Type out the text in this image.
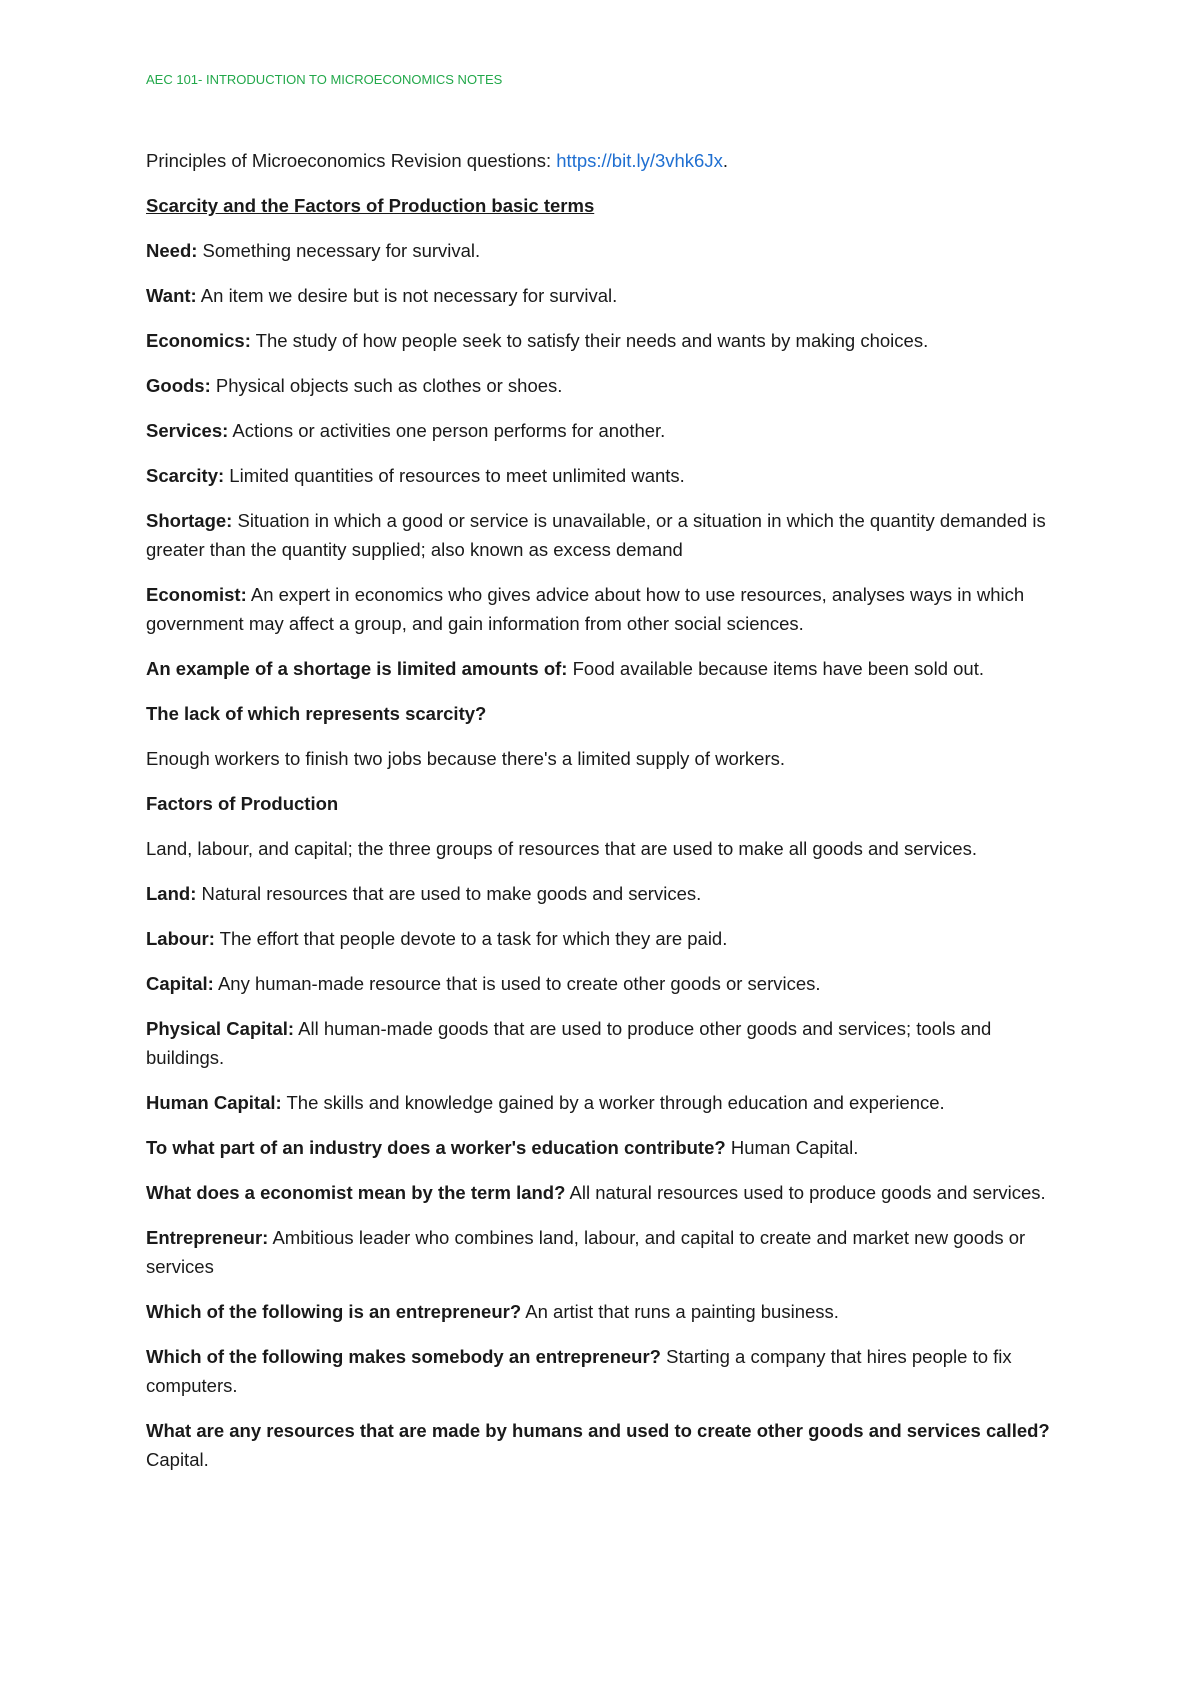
AEC 101- INTRODUCTION TO MICROECONOMICS NOTES

Principles of Microeconomics Revision questions: https://bit.ly/3vhk6Jx.

Scarcity and the Factors of Production basic terms

Need: Something necessary for survival.

Want: An item we desire but is not necessary for survival.

Economics: The study of how people seek to satisfy their needs and wants by making choices.

Goods: Physical objects such as clothes or shoes.

Services: Actions or activities one person performs for another.

Scarcity: Limited quantities of resources to meet unlimited wants.

Shortage: Situation in which a good or service is unavailable, or a situation in which the quantity demanded is greater than the quantity supplied; also known as excess demand

Economist: An expert in economics who gives advice about how to use resources, analyses ways in which government may affect a group, and gain information from other social sciences.

An example of a shortage is limited amounts of: Food available because items have been sold out.

The lack of which represents scarcity?

Enough workers to finish two jobs because there's a limited supply of workers.

Factors of Production

Land, labour, and capital; the three groups of resources that are used to make all goods and services.

Land: Natural resources that are used to make goods and services.

Labour: The effort that people devote to a task for which they are paid.

Capital: Any human-made resource that is used to create other goods or services.

Physical Capital: All human-made goods that are used to produce other goods and services; tools and buildings.

Human Capital: The skills and knowledge gained by a worker through education and experience.

To what part of an industry does a worker's education contribute? Human Capital.

What does a economist mean by the term land? All natural resources used to produce goods and services.

Entrepreneur: Ambitious leader who combines land, labour, and capital to create and market new goods or services

Which of the following is an entrepreneur? An artist that runs a painting business.

Which of the following makes somebody an entrepreneur? Starting a company that hires people to fix computers.

What are any resources that are made by humans and used to create other goods and services called? Capital.
